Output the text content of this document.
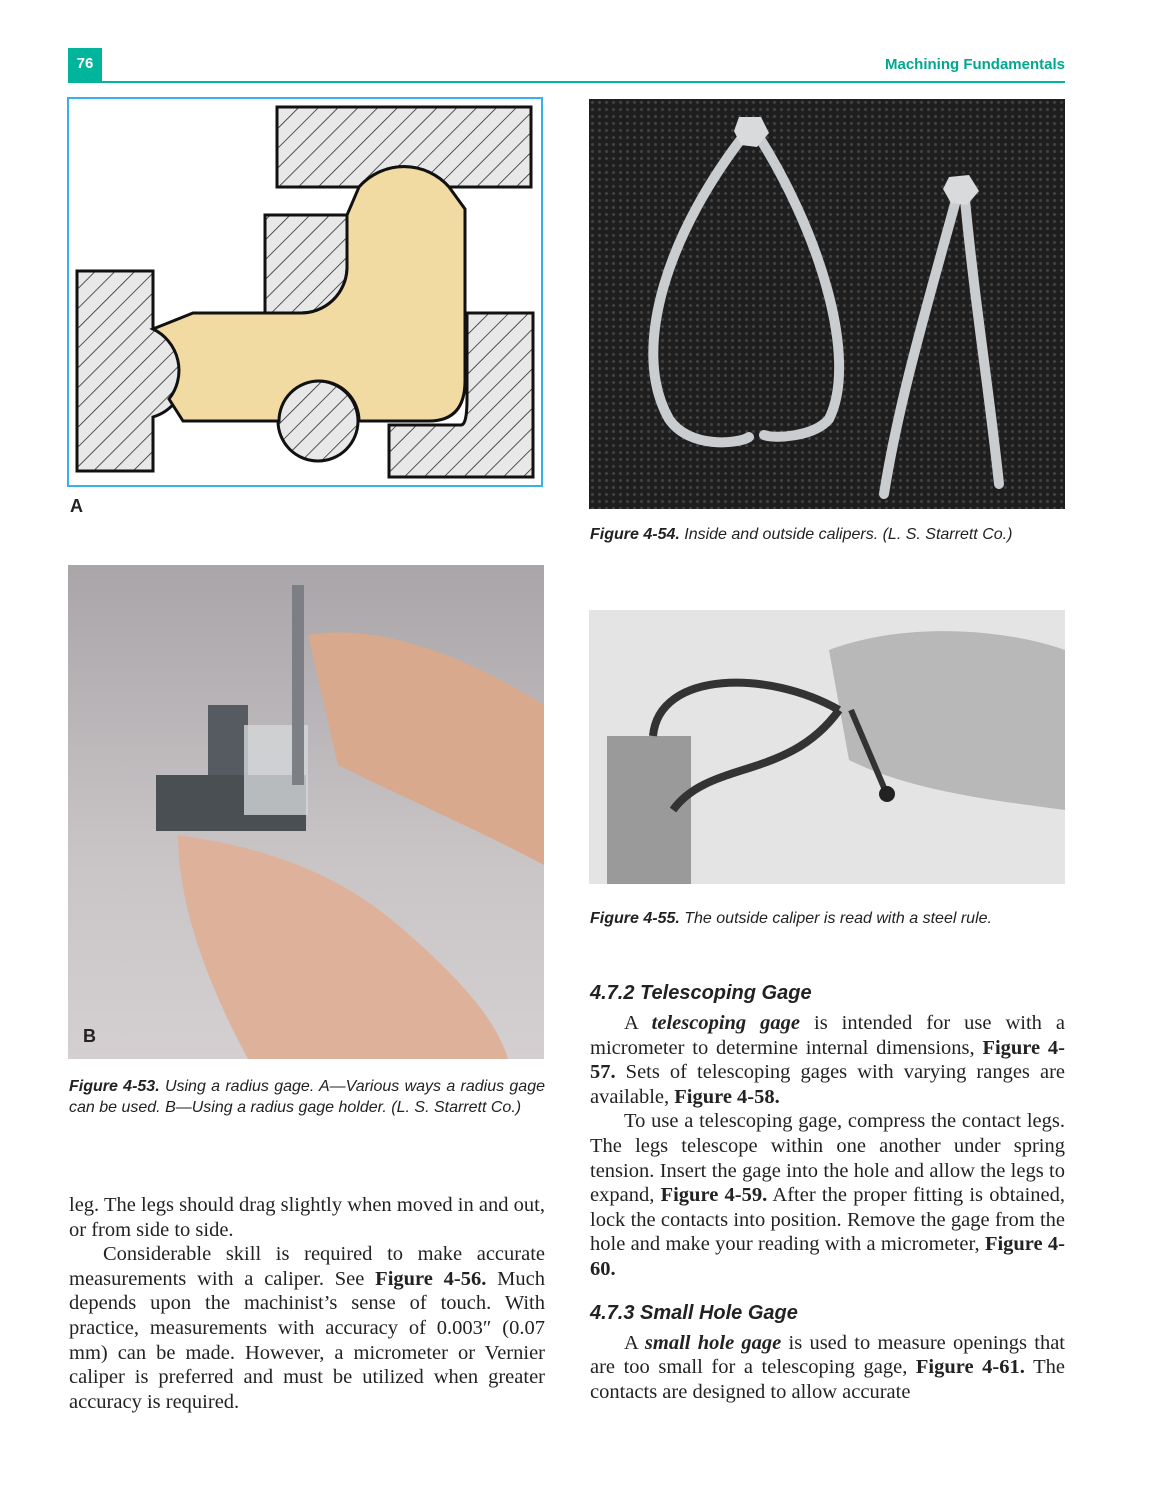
76	Machining Fundamentals
A
Figure 4-54. Inside and outside calipers. (L. S. Starrett Co.)
B
Figure 4-53. Using a radius gage. A—Various ways a radius gage can be used. B—Using a radius gage holder. (L. S. Starrett Co.)
Figure 4-55. The outside caliper is read with a steel rule.

leg. The legs should drag slightly when moved in and out, or from side to side.

Considerable skill is required to make accurate measurements with a caliper. See Figure 4-56. Much depends upon the machinist’s sense of touch. With practice, measurements with accuracy of 0.003″ (0.07 mm) can be made. However, a micrometer or Vernier caliper is preferred and must be utilized when greater accuracy is required.

4.7.2 Telescoping Gage

A telescoping gage is intended for use with a micrometer to determine internal dimensions, Figure 4-57. Sets of telescoping gages with varying ranges are available, Figure 4-58.

To use a telescoping gage, compress the contact legs. The legs telescope within one another under spring tension. Insert the gage into the hole and allow the legs to expand, Figure 4-59. After the proper fitting is obtained, lock the contacts into position. Remove the gage from the hole and make your reading with a micrometer, Figure 4-60.

4.7.3 Small Hole Gage

A small hole gage is used to measure openings that are too small for a telescoping gage, Figure 4-61. The contacts are designed to allow accurate
